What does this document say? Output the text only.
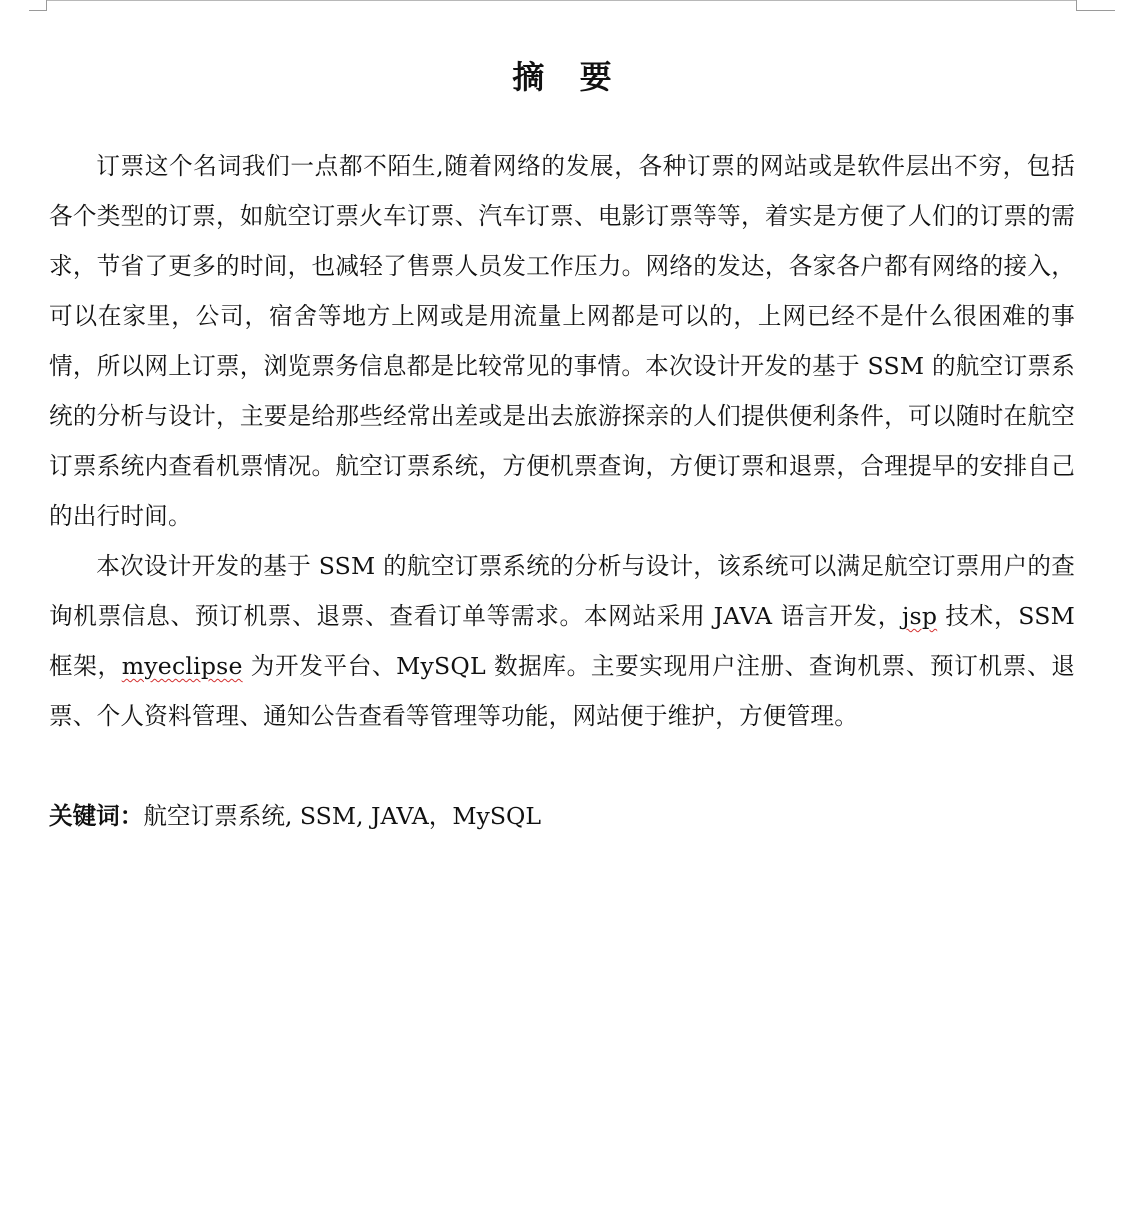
摘 要

订票这个名词我们一点都不陌生,随着网络的发展，各种订票的网站或是软件层出不穷，包括各个类型的订票，如航空订票火车订票、汽车订票、电影订票等等，着实是方便了人们的订票的需求，节省了更多的时间，也减轻了售票人员发工作压力。网络的发达，各家各户都有网络的接入，可以在家里，公司，宿舍等地方上网或是用流量上网都是可以的，上网已经不是什么很困难的事情，所以网上订票，浏览票务信息都是比较常见的事情。本次设计开发的基于 SSM 的航空订票系统的分析与设计，主要是给那些经常出差或是出去旅游探亲的人们提供便利条件，可以随时在航空订票系统内查看机票情况。航空订票系统，方便机票查询，方便订票和退票，合理提早的安排自己的出行时间。

本次设计开发的基于 SSM 的航空订票系统的分析与设计，该系统可以满足航空订票用户的查询机票信息、预订机票、退票、查看订单等需求。本网站采用 JAVA 语言开发，jsp 技术，SSM 框架，myeclipse 为开发平台、MySQL 数据库。主要实现用户注册、查询机票、预订机票、退票、个人资料管理、通知公告查看等管理等功能，网站便于维护，方便管理。

关键词：航空订票系统, SSM, JAVA，MySQL
